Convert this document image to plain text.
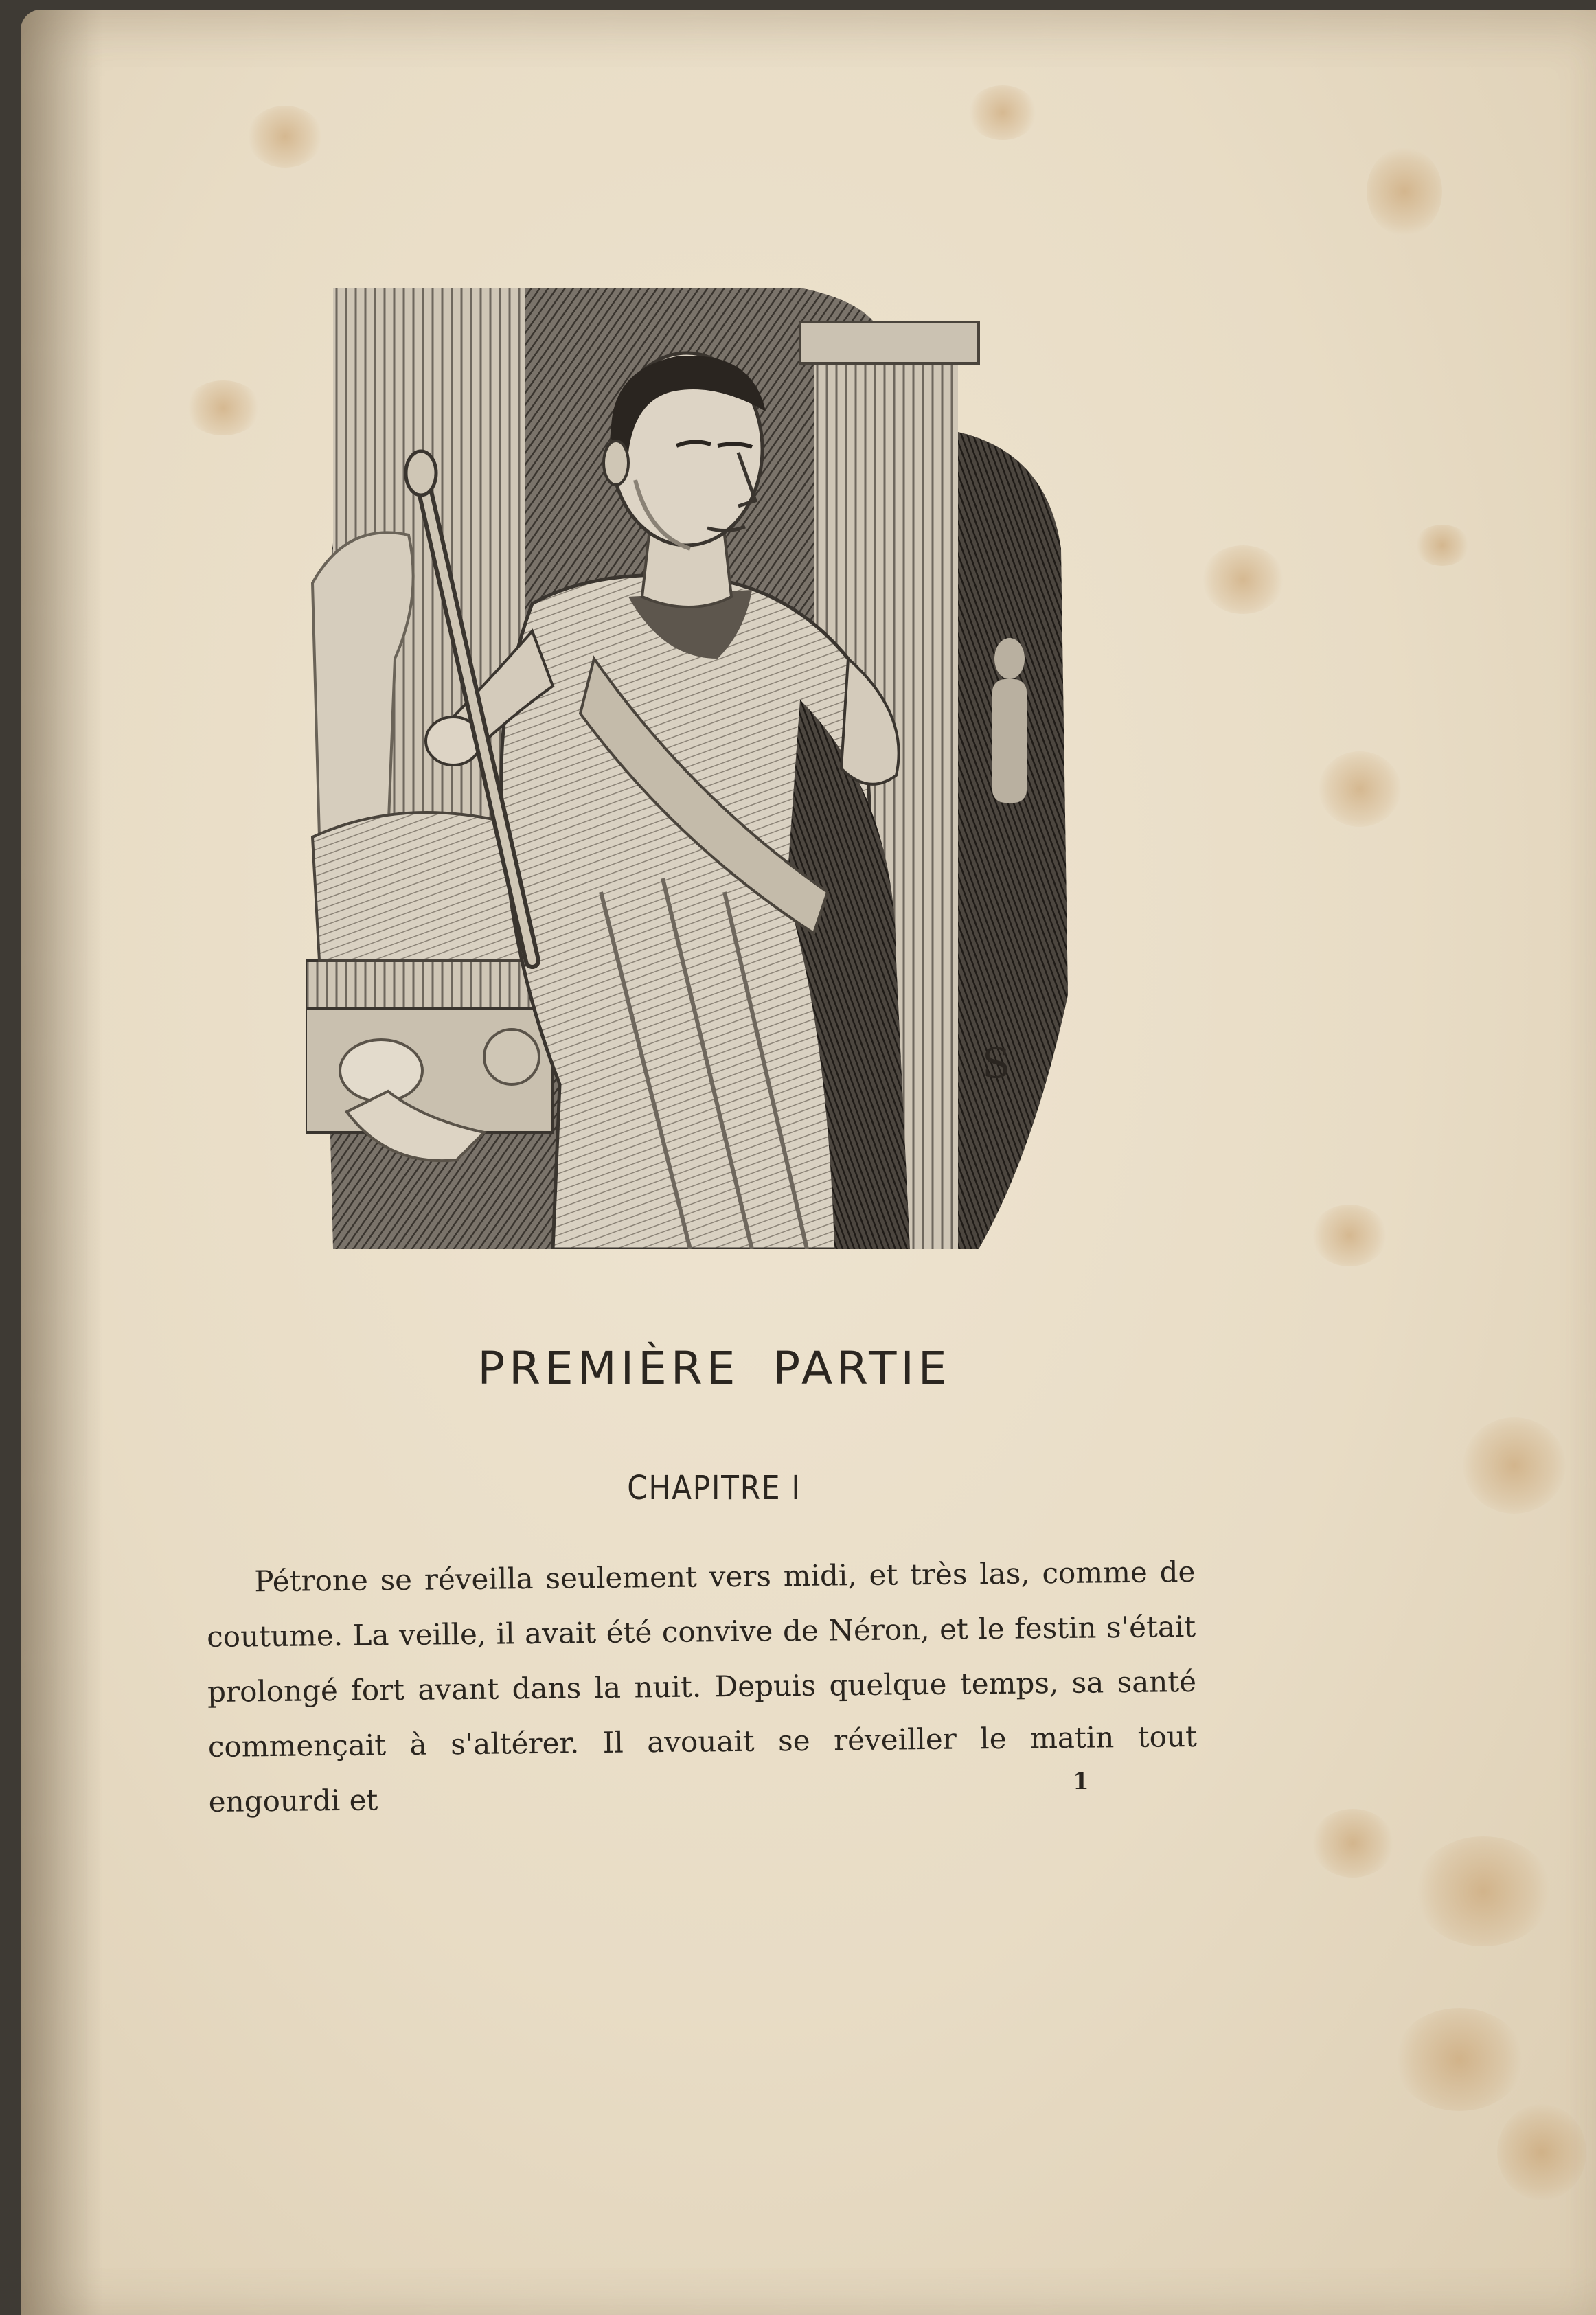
S
PREMIÈRE PARTIE
CHAPITRE I
Pétrone se réveilla seulement vers midi, et très las, comme de coutume. La veille, il avait été convive de Néron, et le festin s'était prolongé fort avant dans la nuit. Depuis quelque temps, sa santé commençait à s'altérer. Il avouait se réveiller le matin tout engourdi et
1
